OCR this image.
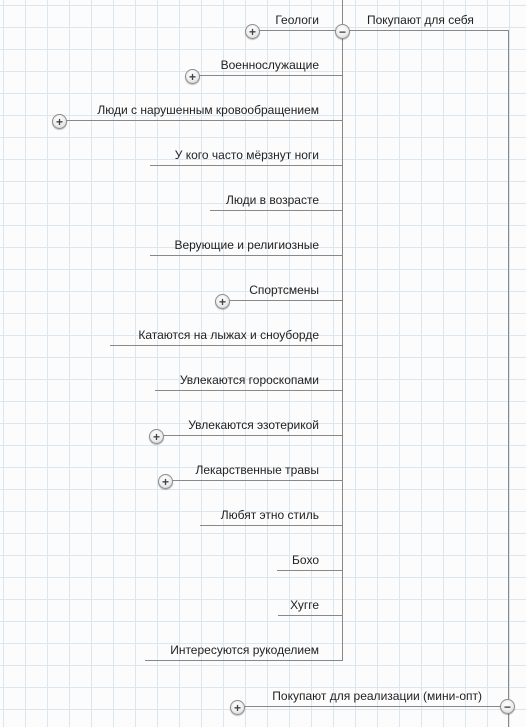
Геологи
+
Военнослужащие
+
Люди с нарушенным кровообращением
+
У кого часто мёрзнут ноги
Люди в возрасте
Верующие и религиозные
Спортсмены
+
Катаются на лыжах и сноуборде
Увлекаются гороскопами
Увлекаются эзотерикой
+
Лекарственные травы
+
Любят этно стиль
Бохо
Хугге
Интересуются рукоделием
Покупают для себя
−
Покупают для реализации (мини-опт)
+	−
